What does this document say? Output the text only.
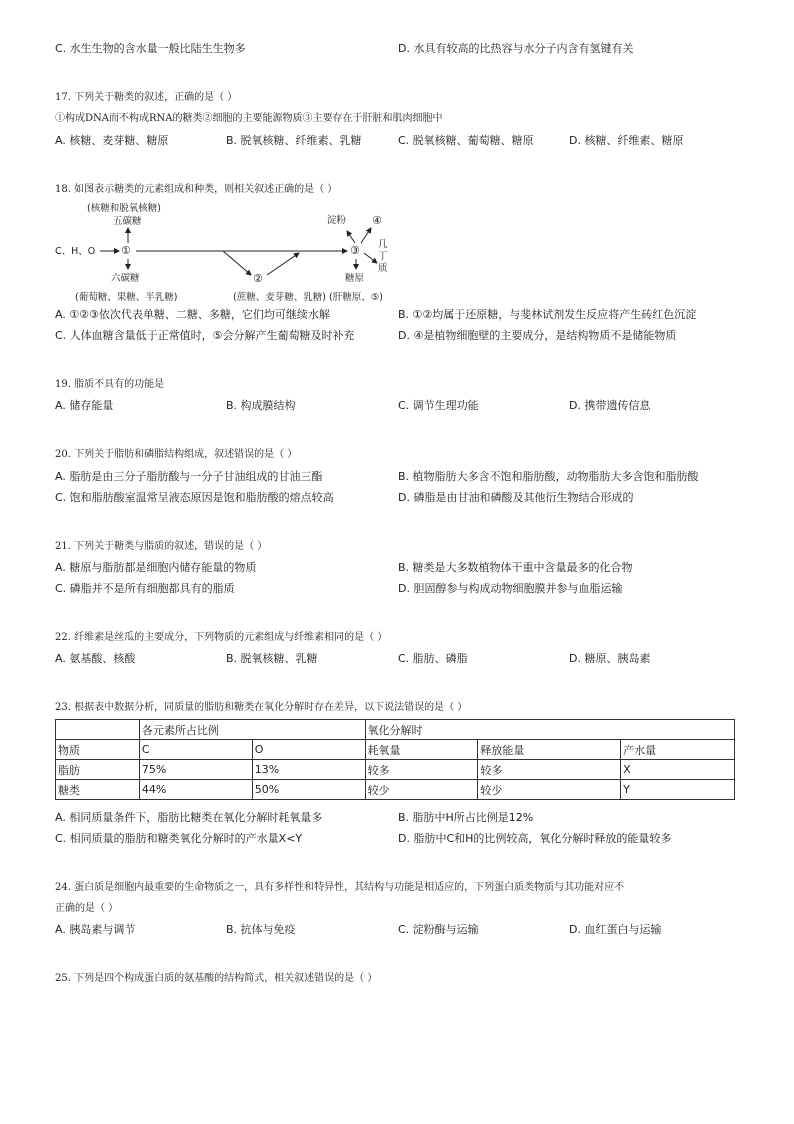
C. 水生生物的含水量一般比陆生生物多	D. 水具有较高的比热容与水分子内含有氢键有关
17. 下列关于糖类的叙述，正确的是（ ）
①构成DNA而不构成RNA的糖类②细胞的主要能源物质③主要存在于肝脏和肌肉细胞中
A. 核糖、麦芽糖、糖原	B. 脱氧核糖、纤维素、乳糖	C. 脱氧核糖、葡萄糖、糖原	D. 核糖、纤维素、糖原
18. 如图表示糖类的元素组成和种类，则相关叙述正确的是（ ）
(核糖和脱氧核糖)
五碳糖
C、H、O ①
六碳糖	②
③
淀粉 ④
几丁质
糖原
(葡萄糖、果糖、半乳糖)	(蔗糖、麦芽糖、乳糖) (肝糖原、⑤)
A. ①②③依次代表单糖、二糖、多糖，它们均可继续水解	B. ①②均属于还原糖，与斐林试剂发生反应将产生砖红色沉淀
C. 人体血糖含量低于正常值时，⑤会分解产生葡萄糖及时补充	D. ④是植物细胞壁的主要成分，是结构物质不是储能物质
19. 脂质不具有的功能是
A. 储存能量	B. 构成膜结构	C. 调节生理功能	D. 携带遗传信息
20. 下列关于脂肪和磷脂结构组成，叙述错误的是（ ）
A. 脂肪是由三分子脂肪酸与一分子甘油组成的甘油三酯	B. 植物脂肪大多含不饱和脂肪酸，动物脂肪大多含饱和脂肪酸
C. 饱和脂肪酸室温常呈液态原因是饱和脂肪酸的熔点较高	D. 磷脂是由甘油和磷酸及其他衍生物结合形成的
21. 下列关于糖类与脂质的叙述，错误的是（ ）
A. 糖原与脂肪都是细胞内储存能量的物质	B. 糖类是大多数植物体干重中含量最多的化合物
C. 磷脂并不是所有细胞都具有的脂质	D. 胆固醇参与构成动物细胞膜并参与血脂运输
22. 纤维素是丝瓜的主要成分，下列物质的元素组成与纤维素相同的是（ ）
A. 氨基酸、核酸	B. 脱氧核糖、乳糖	C. 脂肪、磷脂	D. 糖原、胰岛素
23. 根据表中数据分析，同质量的脂肪和糖类在氧化分解时存在差异，以下说法错误的是（ ）
	各元素所占比例		氧化分解时		
物质	C	O	耗氧量	释放能量	产水量
脂肪	75%	13%	较多	较多	X
糖类	44%	50%	较少	较少	Y
A. 相同质量条件下，脂肪比糖类在氧化分解时耗氧量多	B. 脂肪中H所占比例是12%
C. 相同质量的脂肪和糖类氧化分解时的产水量X<Y	D. 脂肪中C和H的比例较高，氧化分解时释放的能量较多
24. 蛋白质是细胞内最重要的生命物质之一，具有多样性和特异性，其结构与功能是相适应的，下列蛋白质类物质与其功能对应不
正确的是（ ）
A. 胰岛素与调节	B. 抗体与免疫	C. 淀粉酶与运输	D. 血红蛋白与运输
25. 下列是四个构成蛋白质的氨基酸的结构简式，相关叙述错误的是（ ）
